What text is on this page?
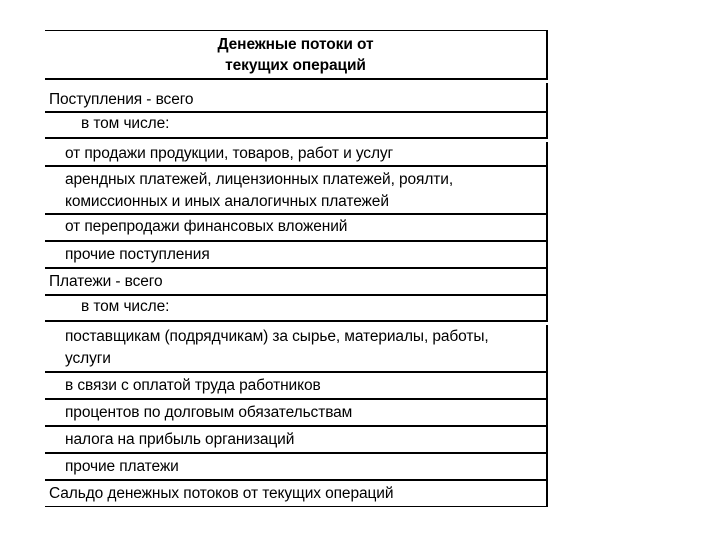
Денежные потоки от
текущих операций
Поступления - всего
в том числе:
от продажи продукции, товаров, работ и услуг
арендных платежей, лицензионных платежей, роялти,
комиссионных и иных аналогичных платежей
от перепродажи финансовых вложений
прочие поступления
Платежи - всего
в том числе:
поставщикам (подрядчикам) за сырье, материалы, работы,
услуги
в связи с оплатой труда работников
процентов по долговым обязательствам
налога на прибыль организаций
прочие платежи
Сальдо денежных потоков от текущих операций
